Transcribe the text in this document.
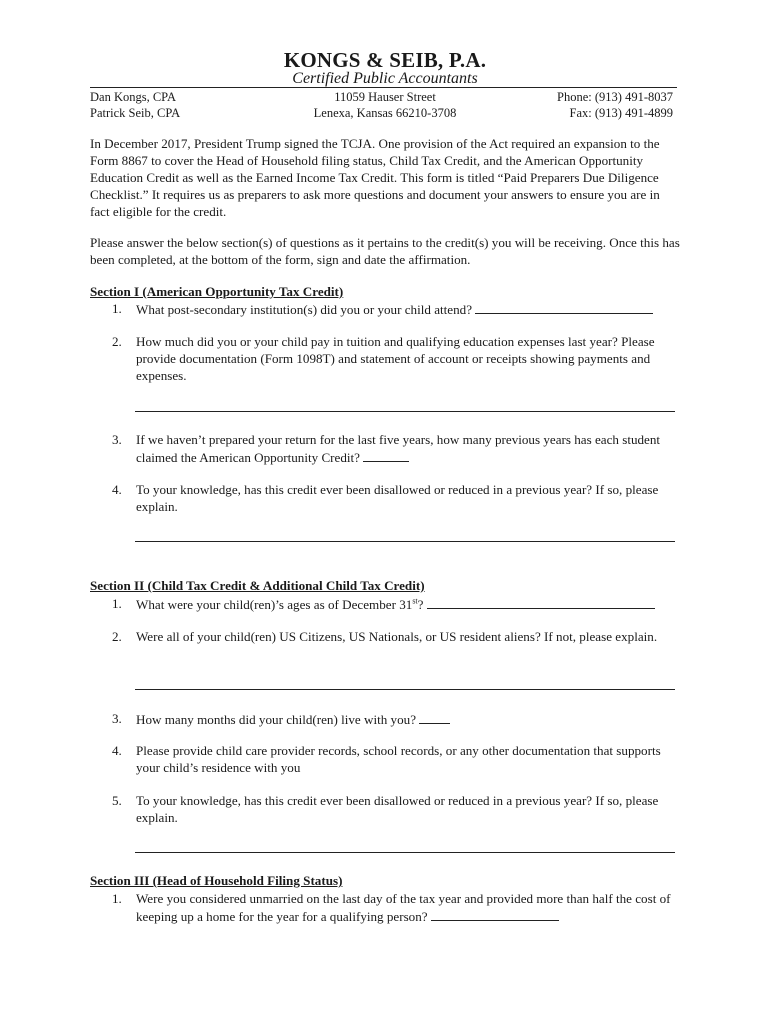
KONGS & SEIB, P.A.
Certified Public Accountants
Dan Kongs, CPA
Patrick Seib, CPA
11059 Hauser Street
Lenexa, Kansas 66210-3708
Phone: (913) 491-8037
Fax: (913) 491-4899
In December 2017, President Trump signed the TCJA. One provision of the Act required an expansion to the Form 8867 to cover the Head of Household filing status, Child Tax Credit, and the American Opportunity Education Credit as well as the Earned Income Tax Credit. This form is titled “Paid Preparers Due Diligence Checklist.” It requires us as preparers to ask more questions and document your answers to ensure you are in fact eligible for the credit.
Please answer the below section(s) of questions as it pertains to the credit(s) you will be receiving. Once this has been completed, at the bottom of the form, sign and date the affirmation.
Section I (American Opportunity Tax Credit)
1. What post-secondary institution(s) did you or your child attend?
2. How much did you or your child pay in tuition and qualifying education expenses last year? Please provide documentation (Form 1098T) and statement of account or receipts showing payments and expenses.
3. If we haven’t prepared your return for the last five years, how many previous years has each student claimed the American Opportunity Credit?
4. To your knowledge, has this credit ever been disallowed or reduced in a previous year? If so, please explain.
Section II (Child Tax Credit & Additional Child Tax Credit)
1. What were your child(ren)’s ages as of December 31st?
2. Were all of your child(ren) US Citizens, US Nationals, or US resident aliens? If not, please explain.
3. How many months did your child(ren) live with you?
4. Please provide child care provider records, school records, or any other documentation that supports your child’s residence with you
5. To your knowledge, has this credit ever been disallowed or reduced in a previous year? If so, please explain.
Section III (Head of Household Filing Status)
1. Were you considered unmarried on the last day of the tax year and provided more than half the cost of keeping up a home for the year for a qualifying person?
